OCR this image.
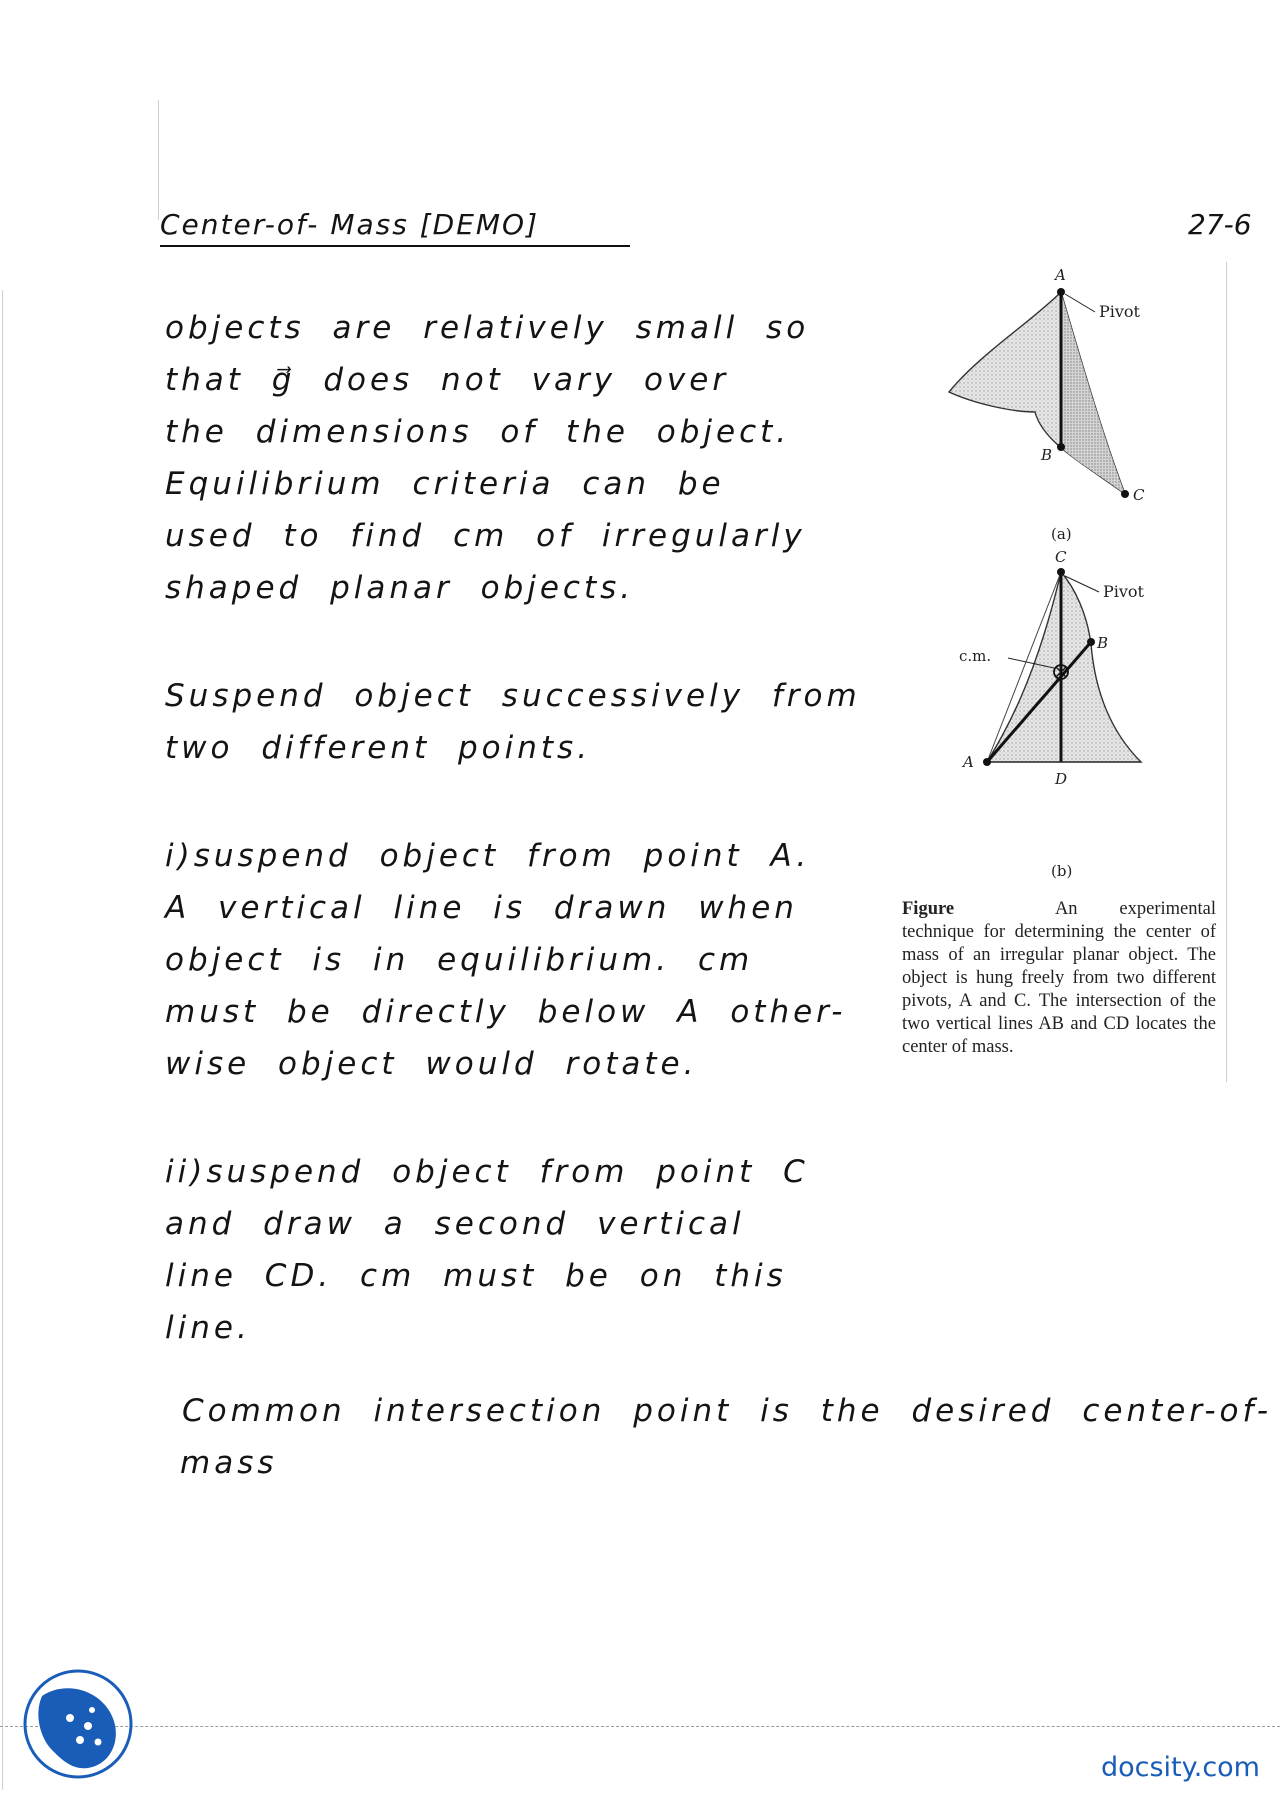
Center-of- Mass [DEMO]	27-6
objects are relatively small so
that g⃗ does not vary over
the dimensions of the object.
Equilibrium criteria can be
used to find cm of irregularly
shaped planar objects.
Suspend object successively from
two different points.
i)suspend object from point A.
A vertical line is drawn when
object is in equilibrium. cm
must be directly below A other-
wise object would rotate.
ii)suspend object from point C
and draw a second vertical
line CD. cm must be on this
line.
Common intersection point is the desired center-of-
mass
A
B
C
Pivot
(a)
C
B
A
D
Pivot
c.m.
(b)
Figure	An experimental technique for determining the center of mass of an irregular planar object. The object is hung freely from two different pivots, A and C. The intersection of the two vertical lines AB and CD locates the center of mass.
docsity.com
